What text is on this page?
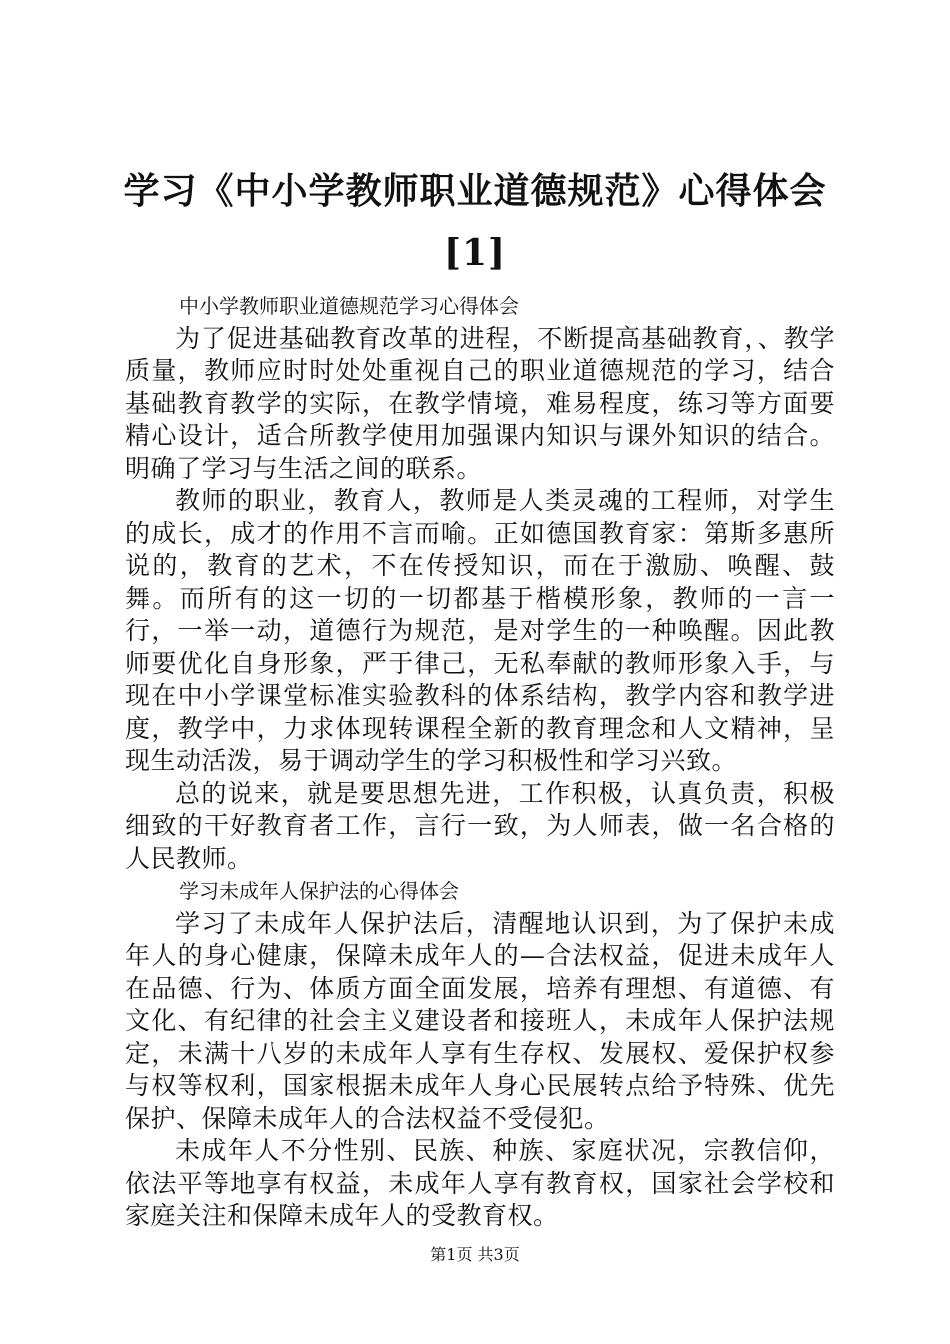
学习《中小学教师职业道德规范》心得体会
[1]

中小学教师职业道德规范学习心得体会

为了促进基础教育改革的进程，不断提高基础教育，、教学质量，教师应时时处处重视自己的职业道德规范的学习，结合基础教育教学的实际，在教学情境，难易程度，练习等方面要精心设计，适合所教学使用加强课内知识与课外知识的结合。明确了学习与生活之间的联系。

教师的职业，教育人，教师是人类灵魂的工程师，对学生的成长，成才的作用不言而喻。正如德国教育家：第斯多惠所说的，教育的艺术，不在传授知识，而在于激励、唤醒、鼓舞。而所有的这一切的一切都基于楷模形象，教师的一言一行，一举一动，道德行为规范，是对学生的一种唤醒。因此教师要优化自身形象，严于律己，无私奉献的教师形象入手，与现在中小学课堂标准实验教科的体系结构，教学内容和教学进度，教学中，力求体现转课程全新的教育理念和人文精神，呈现生动活泼，易于调动学生的学习积极性和学习兴致。

总的说来，就是要思想先进，工作积极，认真负责，积极细致的干好教育者工作，言行一致，为人师表，做一名合格的人民教师。

学习未成年人保护法的心得体会

学习了未成年人保护法后，清醒地认识到，为了保护未成年人的身心健康，保障未成年人的—合法权益，促进未成年人在品德、行为、体质方面全面发展，培养有理想、有道德、有文化、有纪律的社会主义建设者和接班人，未成年人保护法规定，未满十八岁的未成年人享有生存权、发展权、爱保护权参与权等权利，国家根据未成年人身心民展转点给予特殊、优先保护、保障未成年人的合法权益不受侵犯。

未成年人不分性别、民族、种族、家庭状况，宗教信仰，依法平等地享有权益，未成年人享有教育权，国家社会学校和家庭关注和保障未成年人的受教育权。

第1页 共3页
